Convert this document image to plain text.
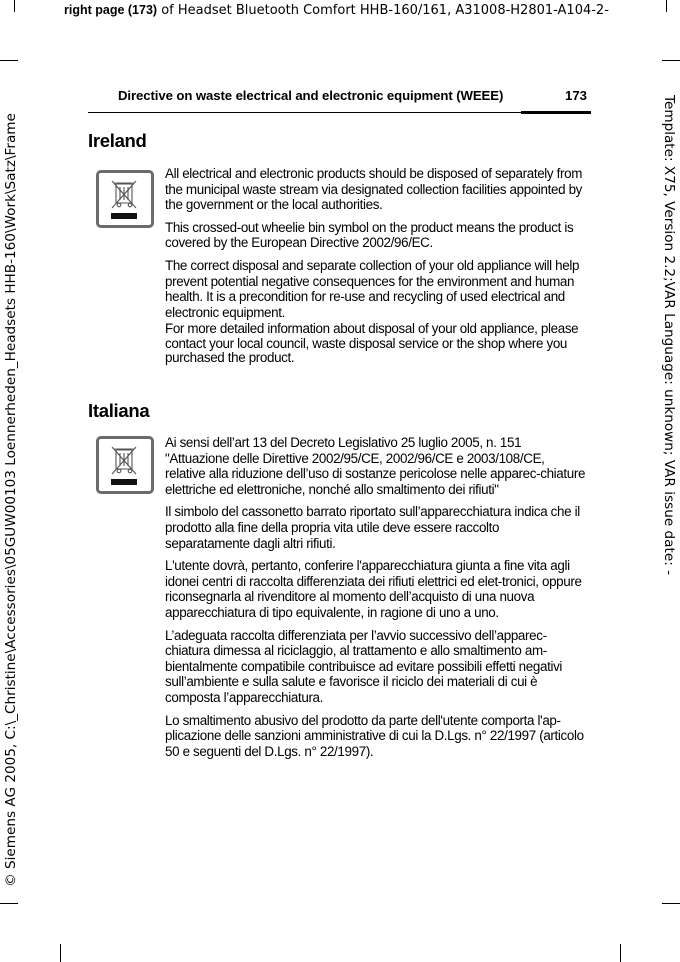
right page (173) of Headset Bluetooth Comfort HHB-160/161, A31008-H2801-A104-2-
© Siemens AG 2005, C:\_Christine\Accessories\05GUW00103 Loennerheden_Headsets HHB-160\Work\Satz\Frame	Template: X75, Version 2.2;VAR Language: unknown; VAR issue date: -
Directive on waste electrical and electronic equipment (WEEE)	173
Ireland

All electrical and electronic products should be disposed of separately from the municipal waste stream via designated collection facilities appointed by the government or the local authorities.

This crossed-out wheelie bin symbol on the product means the product is covered by the European Directive 2002/96/EC.

The correct disposal and separate collection of your old appliance will help prevent potential negative consequences for the environment and human health. It is a precondition for re-use and recycling of used electrical and electronic equipment.

For more detailed information about disposal of your old appliance, please contact your local council, waste disposal service or the shop where you purchased the product.

Italiana

Ai sensi dell’art 13 del Decreto Legislativo 25 luglio 2005, n. 151 "Attuazione delle Direttive 2002/95/CE, 2002/96/CE e 2003/108/CE, relative alla riduzione dell’uso di sostanze pericolose nelle apparec-chiature elettriche ed elettroniche, nonché allo smaltimento dei rifiuti"

Il simbolo del cassonetto barrato riportato sull’apparecchiatura indica che il prodotto alla fine della propria vita utile deve essere raccolto separatamente dagli altri rifiuti.

L'utente dovrà, pertanto, conferire l'apparecchiatura giunta a fine vita agli idonei centri di raccolta differenziata dei rifiuti elettrici ed elet-tronici, oppure riconsegnarla al rivenditore al momento dell’acquisto di una nuova apparecchiatura di tipo equivalente, in ragione di uno a uno.

L’adeguata raccolta differenziata per l’avvio successivo dell’apparec-chiatura dimessa al riciclaggio, al trattamento e allo smaltimento am-bientalmente compatibile contribuisce ad evitare possibili effetti negativi sull’ambiente e sulla salute e favorisce il riciclo dei materiali di cui è composta l’apparecchiatura.

Lo smaltimento abusivo del prodotto da parte dell'utente comporta l'ap-plicazione delle sanzioni amministrative di cui la D.Lgs. n° 22/1997 (articolo 50 e seguenti del D.Lgs. n° 22/1997).
